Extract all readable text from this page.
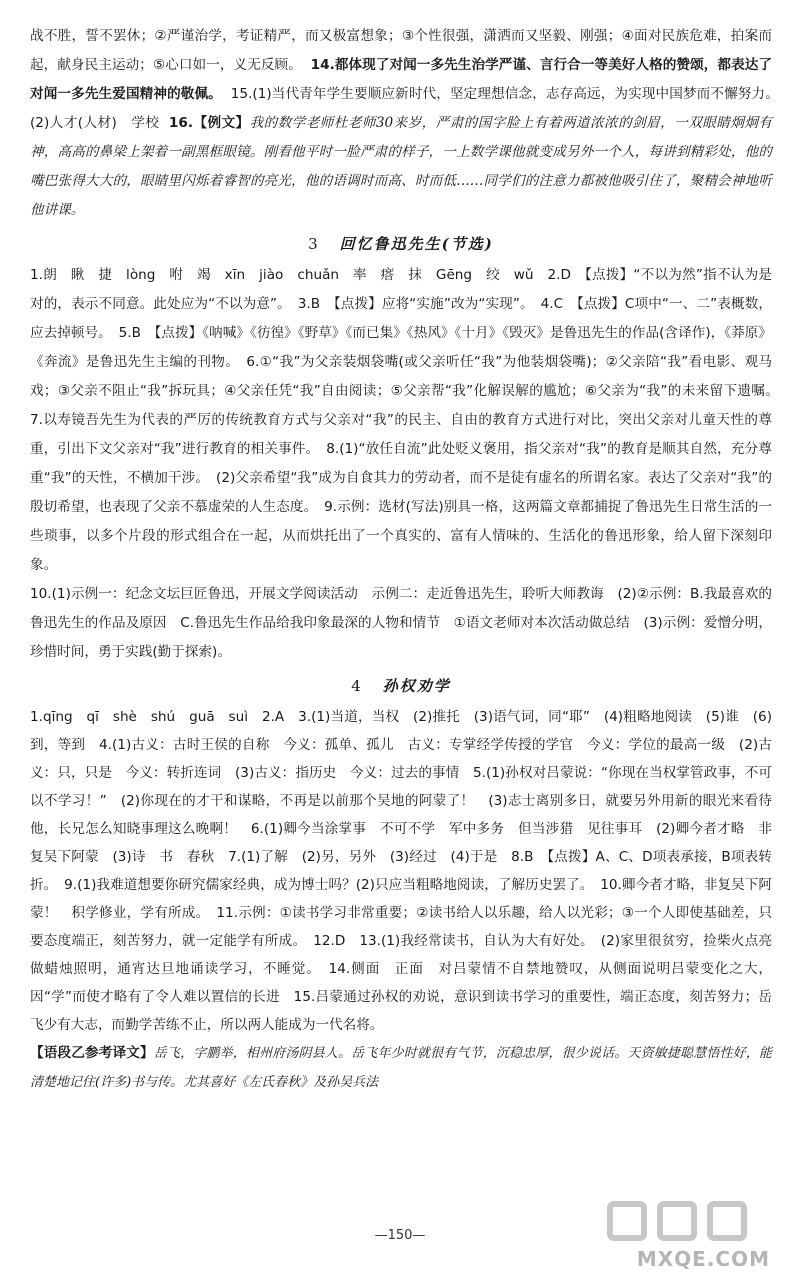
战不胜，誓不罢休；②严谨治学，考证精严，而又极富想象；③个性很强，潇洒而又坚毅、刚强；④面对民族危难，拍案而起，献身民主运动；⑤心口如一，义无反顾。 14.都体现了对闻一多先生治学严谨、言行合一等美好人格的赞颂，都表达了对闻一多先生爱国精神的敬佩。 15.(1)当代青年学生要顺应新时代，坚定理想信念，志存高远，为实现中国梦而不懈努力。　(2)人才(人材)　学校 16.【例文】我的数学老师杜老师30来岁，严肃的国字脸上有着两道浓浓的剑眉，一双眼睛炯炯有神，高高的鼻梁上架着一副黑框眼镜。刚看他平时一脸严肃的样子，一上数学课他就变成另外一个人，每讲到精彩处，他的嘴巴张得大大的，眼睛里闪烁着睿智的亮光，他的语调时而高、时而低……同学们的注意力都被他吸引住了，聚精会神地听他讲课。

3 回忆鲁迅先生(节选)

1.朗　瞅　捷　lòng　咐　竭　xīn　jiào　chuǎn　率　瘩　抹　Gēng　绞　wǔ　2.D　【点拨】“不以为然”指不认为是对的，表示不同意。此处应为“不以为意”。　3.B　【点拨】应将“实施”改为“实现”。　4.C　【点拨】C项中“一、二”表概数，应去掉顿号。　5.B　【点拨】《呐喊》《彷徨》《野草》《而已集》《热风》《十月》《毁灭》是鲁迅先生的作品(含译作)，《莽原》《奔流》是鲁迅先生主编的刊物。　6.①“我”为父亲装烟袋嘴(或父亲听任“我”为他装烟袋嘴)；②父亲陪“我”看电影、观马戏；③父亲不阻止“我”拆玩具；④父亲任凭“我”自由阅读；⑤父亲帮“我”化解误解的尴尬；⑥父亲为“我”的未来留下遗嘱。　7.以寿镜吾先生为代表的严厉的传统教育方式与父亲对“我”的民主、自由的教育方式进行对比，突出父亲对儿童天性的尊重，引出下文父亲对“我”进行教育的相关事件。　8.(1)“放任自流”此处贬义褒用，指父亲对“我”的教育是顺其自然，充分尊重“我”的天性，不横加干涉。　(2)父亲希望“我”成为自食其力的劳动者，而不是徒有虚名的所谓名家。表达了父亲对“我”的殷切希望，也表现了父亲不慕虚荣的人生态度。　9.示例：选材(写法)别具一格，这两篇文章都捕捉了鲁迅先生日常生活的一些琐事，以多个片段的形式组合在一起，从而烘托出了一个真实的、富有人情味的、生活化的鲁迅形象，给人留下深刻印象。

10.(1)示例一：纪念文坛巨匠鲁迅，开展文学阅读活动　示例二：走近鲁迅先生，聆听大师教诲　(2)②示例：B.我最喜欢的鲁迅先生的作品及原因　C.鲁迅先生作品给我印象最深的人物和情节　①语文老师对本次活动做总结　(3)示例：爱憎分明，珍惜时间，勇于实践(勤于探索)。

4 孙权劝学

1.qīng　qī　shè　shú　guā　suì　2.A　3.(1)当道，当权　(2)推托　(3)语气词，同“耶”　(4)粗略地阅读　(5)谁　(6)到，等到　4.(1)古义：古时王侯的自称　今义：孤单、孤儿　古义：专掌经学传授的学官　今义：学位的最高一级　(2)古义：只，只是　今义：转折连词　(3)古义：指历史　今义：过去的事情　5.(1)孙权对吕蒙说：“你现在当权掌管政事，不可以不学习！”　(2)你现在的才干和谋略，不再是以前那个吴地的阿蒙了！　(3)志士离别多日，就要另外用新的眼光来看待他，长兄怎么知晓事理这么晚啊！　6.(1)卿今当涂掌事　不可不学　军中多务　但当涉猎　见往事耳　(2)卿今者才略　非复吴下阿蒙　(3)诗　书　春秋　7.(1)了解　(2)另，另外　(3)经过　(4)于是　8.B　【点拨】A、C、D项表承接，B项表转折。　9.(1)我难道想要你研究儒家经典，成为博士吗？(2)只应当粗略地阅读，了解历史罢了。　10.卿今者才略，非复吴下阿蒙！　积学修业，学有所成。　11.示例：①读书学习非常重要；②读书给人以乐趣，给人以光彩；③一个人即使基础差，只要态度端正，刻苦努力，就一定能学有所成。　12.D　13.(1)我经常读书，自认为大有好处。　(2)家里很贫穷，捡柴火点亮做蜡烛照明，通宵达旦地诵读学习，不睡觉。　14.侧面　正面　对吕蒙情不自禁地赞叹，从侧面说明吕蒙变化之大，因“学”而使才略有了令人难以置信的长进　15.吕蒙通过孙权的劝说，意识到读书学习的重要性，端正态度，刻苦努力；岳飞少有大志，而勤学苦练不止，所以两人能成为一代名将。

【语段乙参考译文】岳飞，字鹏举，相州府汤阴县人。岳飞年少时就很有气节，沉稳忠厚，很少说话。天资敏捷聪慧悟性好，能清楚地记住(许多)书与传。尤其喜好《左氏春秋》及孙吴兵法

—150—
MXQE.COM
